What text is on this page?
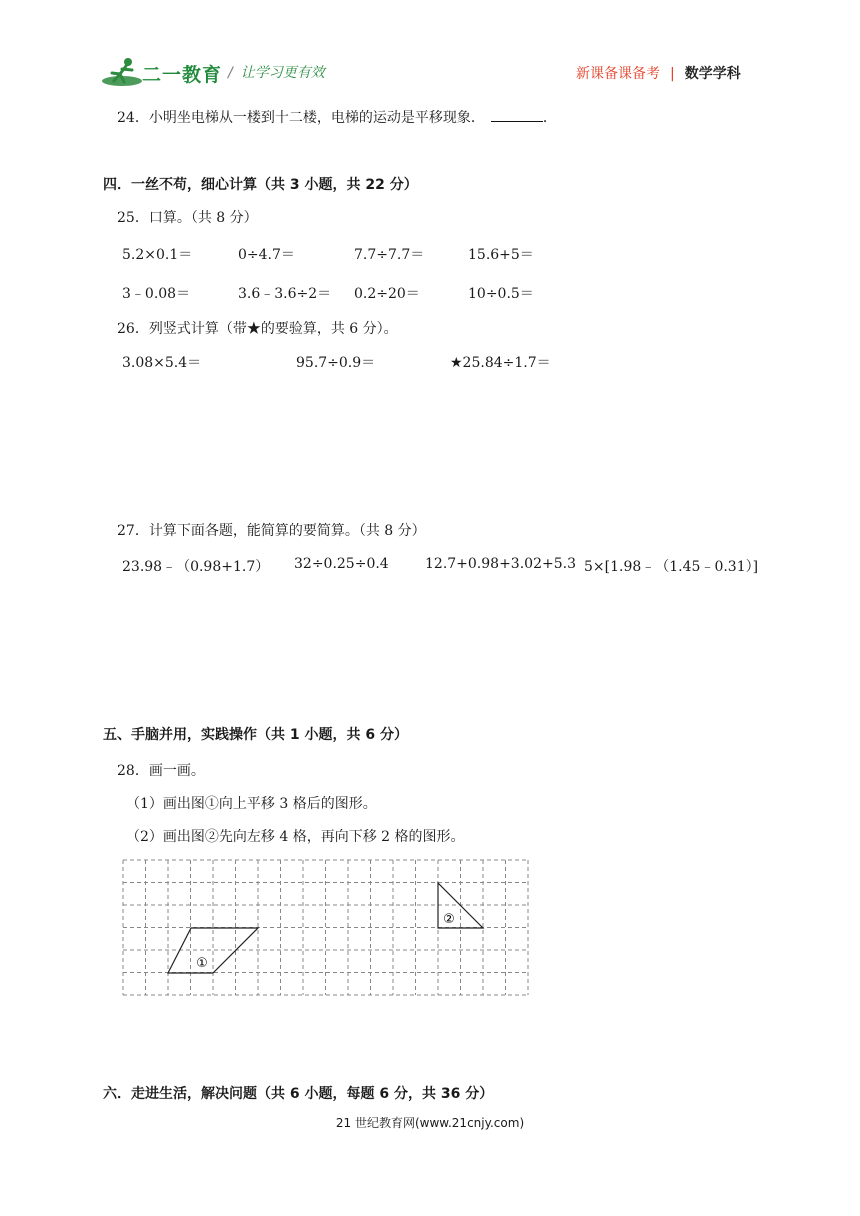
二一教育 / 让学习更有效	新课备课备考 | 数学学科
24．小明坐电梯从一楼到十二楼，电梯的运动是平移现象．	．
四．一丝不苟，细心计算（共 3 小题，共 22 分）
25．口算。（共 8 分）
5.2×0.1＝	0÷4.7＝	7.7÷7.7＝	15.6+5＝
3﹣0.08＝	3.6﹣3.6÷2＝ 0.2÷20＝	10÷0.5＝
26．列竖式计算（带★的要验算，共 6 分）。
3.08×5.4＝	95.7÷0.9＝	★25.84÷1.7＝
27．计算下面各题，能简算的要简算。（共 8 分）
23.98﹣（0.98+1.7） 32÷0.25÷0.4	12.7+0.98+3.02+5.3 5×[1.98﹣（1.45﹣0.31）]
五、手脑并用，实践操作（共 1 小题，共 6 分）
28．画一画。
（1）画出图①向上平移 3 格后的图形。
（2）画出图②先向左移 4 格，再向下移 2 格的图形。
①
②
六．走进生活，解决问题（共 6 小题，每题 6 分，共 36 分）
21 世纪教育网(www.21cnjy.com)
